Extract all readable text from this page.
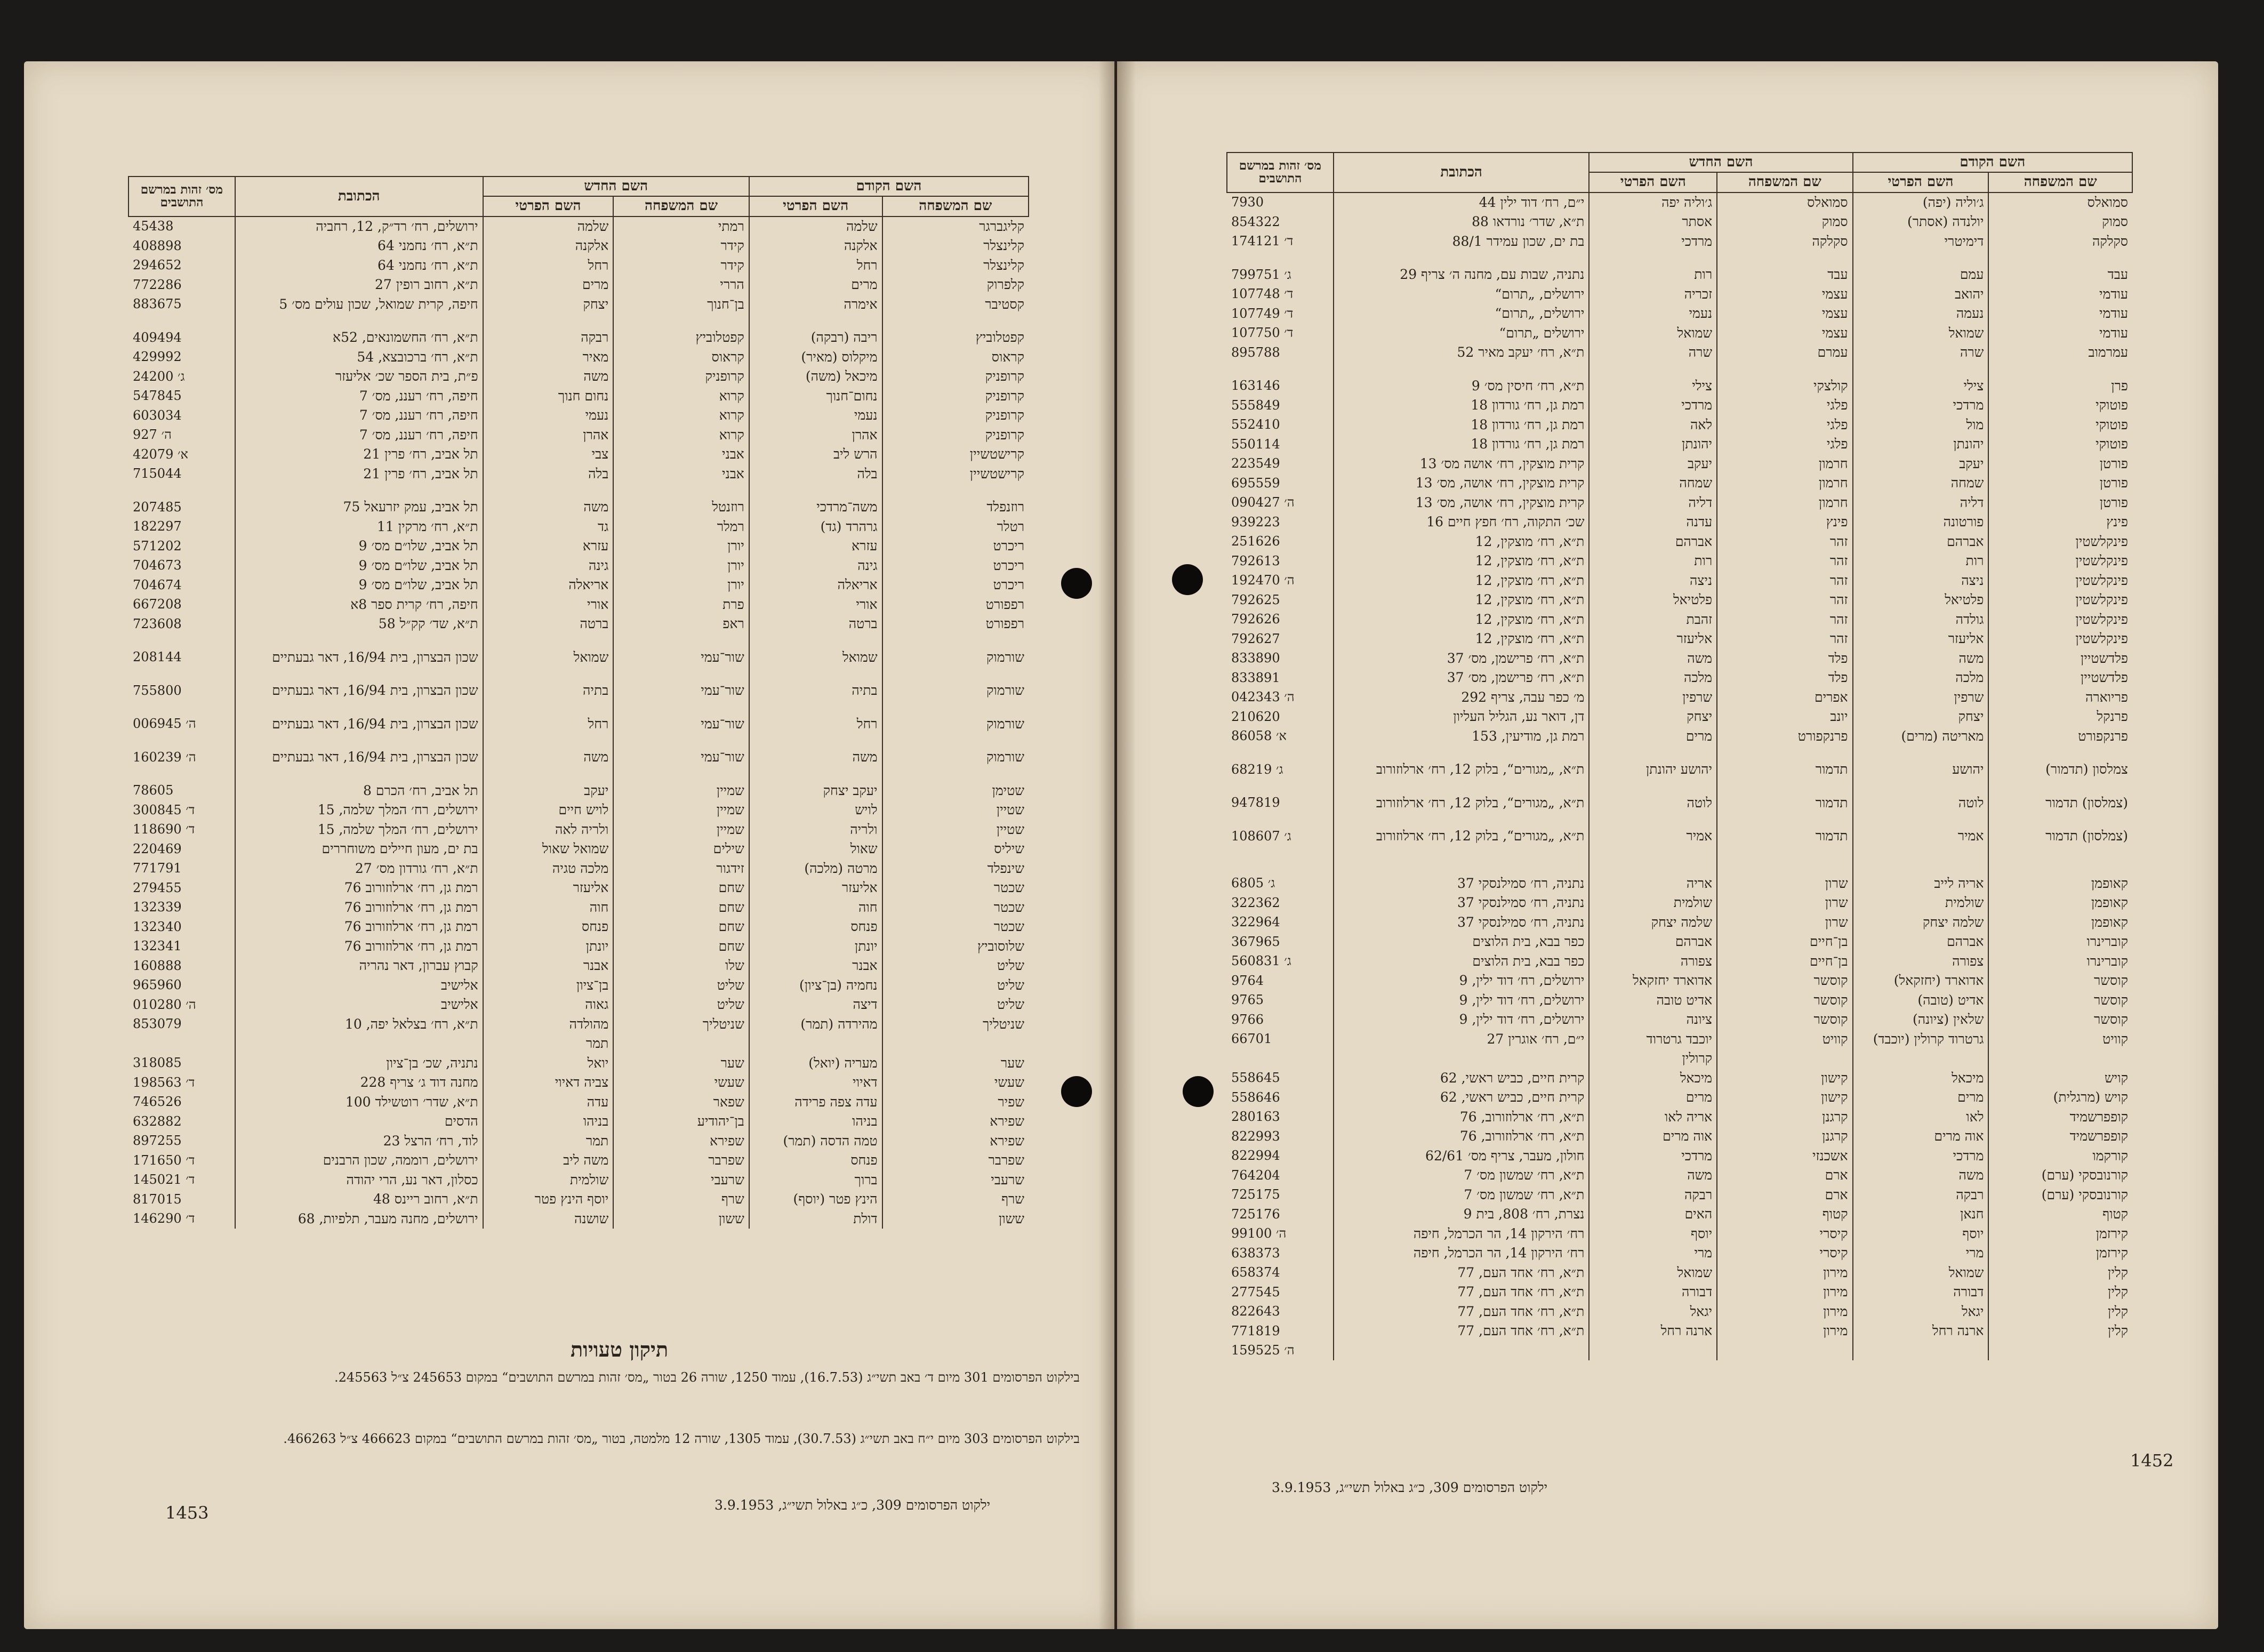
השם הקודם		השם החדש		הכתובת	מס׳ זהות במרשם התושבים
שם המשפחה	השם הפרטי	שם המשפחה	השם הפרטי		
קליגברגר	שלמה	רמתי	שלמה	ירושלים, רח׳ רד״ק, 12, רחביה	45438
קלינצלר	אלקנה	קידר	אלקנה	ת״א, רח׳ נחמני 64	408898
קלינצלר	רחל	קידר	רחל	ת״א, רח׳ נחמני 64	294652
קלפרוק	מרים	הררי	מרים	ת״א, רחוב רופין 27	772286
קסטיבר	אימרה	בן־חנוך	יצחק	חיפה, קרית שמואל, שכון עולים מס׳ 5	883675

קפטלוביץ	ריבה (רבקה)	קפטלוביץ	רבקה	ת״א, רח׳ החשמונאים, 52א	409494
קראוס	מיקלוס (מאיר)	קראוס	מאיר	ת״א, רח׳ ברכובצא, 54	429992
קרופניק	מיכאל (משה)	קרופניק	משה	פ״ת, בית הספר שכ׳ אליעזר	24200 ג׳
קרופניק	נחום־חנוך	קרוא	נחום חנוך	חיפה, רח׳ רעננ, מס׳ 7	547845
קרופניק	נעמי	קרוא	נעמי	חיפה, רח׳ רעננ, מס׳ 7	603034
קרופניק	אהרן	קרוא	אהרן	חיפה, רח׳ רעננ, מס׳ 7	927 ה׳
קרישטשיין	הרש ליב	אבני	צבי	תל אביב, רח׳ פרין 21	42079 א׳
קרישטשיין	בלה	אבני	בלה	תל אביב, רח׳ פרין 21	715044

רוזנפלד	משה־מרדכי	רוזנטל	משה	תל אביב, עמק יזרעאל 75	207485
רטלר	גרהרד (גד)	רמלר	גד	ת״א, רח׳ מרקין 11	182297
ריכרט	עזרא	יורן	עזרא	תל אביב, שלו״ם מס׳ 9	571202
ריכרט	גינה	יורן	גינה	תל אביב, שלו״ם מס׳ 9	704673
ריכרט	אריאלה	יורן	אריאלה	תל אביב, שלו״ם מס׳ 9	704674
רפפורט	אורי	פרת	אורי	חיפה, רח׳ קרית ספר 8א	667208
רפפורט	ברטה	ראפ	ברטה	ת״א, שד׳ קק״ל 58	723608

שורמוק	שמואל	שור־עמי	שמואל	שכון הבצרון, בית 16/94, דאר גבעתיים	208144

שורמוק	בתיה	שור־עמי	בתיה	שכון הבצרון, בית 16/94, דאר גבעתיים	755800

שורמוק	רחל	שור־עמי	רחל	שכון הבצרון, בית 16/94, דאר גבעתיים	006945 ה׳

שורמוק	משה	שור־עמי	משה	שכון הבצרון, בית 16/94, דאר גבעתיים	160239 ה׳

שטימן	יעקב יצחק	שמיין	יעקב	תל אביב, רח׳ הכרם 8	78605
שטיין	לויש	שמיין	לויש חיים	ירושלים, רח׳ המלך שלמה, 15	300845 ד׳
שטיין	ולריה	שמיין	ולריה לאה	ירושלים, רח׳ המלך שלמה, 15	118690 ד׳
שיליס	שאול	שילים	שמואל שאול	בת ים, מעון חיילים משוחררים	220469
שינפלד	מרטה (מלכה)	זידגור	מלכה טגיה	ת״א, רח׳ גורדון מס׳ 27	771791
שכטר	אליעזר	שחם	אליעזר	רמת גן, רח׳ ארלוזורוב 76	279455
שכטר	חוה	שחם	חוה	רמת גן, רח׳ ארלוזורוב 76	132339
שכטר	פנחס	שחם	פנחס	רמת גן, רח׳ ארלוזורוב 76	132340
שלוסוביץ	יונתן	שחם	יונתן	רמת גן, רח׳ ארלוזורוב 76	132341
שליט	אבנר	שלו	אבנר	קבוץ עברון, דאר נהריה	160888
שליט	נחמיה (בן־ציון)	שליט	בן־ציון	אלישיב	965960
שליט	דיצה	שליט	גאוה	אלישיב	010280 ה׳
שניטליך	מהירדה (תמר)	שניטליך	מהולדה	ת״א, רח׳ בצלאל יפה, 10	853079
			תמר		
שער	מעריה (יואל)	שער	יואל	נתניה, שכ׳ בן־ציון	318085
שעשי	דאיוי	שעשי	צביה דאיוי	מחנה דוד ג׳ צריף 228	198563 ד׳
שפיר	עדה צפה פרידה	שפאר	עדה	ת״א, שדר׳ רוטשילד 100	746526
שפירא	בניהו	בן־יהודיע	בניהו	הדסים	632882
שפירא	טמה הדסה (תמר)	שפירא	תמר	לוד, רח׳ הרצל 23	897255
שפרבר	פנחס	שפרבר	משה ליב	ירושלים, רוממה, שכון הרבנים	171650 ד׳
שרעבי	ברוך	שרעבי	שולמית	כסלון, דאר נע, הרי יהודה	145021 ד׳
שרף	הינץ פטר (יוסף)	שרף	יוסף הינץ פטר	ת״א, רחוב ריינס 48	817015
ששון	דולת	ששון	שושנה	ירושלים, מחנה מעבר, תלפיות, 68	146290 ד׳
תיקון טעויות
בילקוט הפרסומים 301 מיום ד׳ באב תשי״ג (16.7.53), עמוד 1250, שורה 26 בטור „מס׳ זהות במרשם התושבים“ במקום 245653 צ״ל 245563.
בילקוט הפרסומים 303 מיום י״ח באב תשי״ג (30.7.53), עמוד 1305, שורה 12 מלמטה, בטור „מס׳ זהות במרשם התושבים“ במקום 466623 צ״ל 466263.
1453	ילקוט הפרסומים 309, כ״ג באלול תשי״ג, 3.9.1953
השם הקודם		השם החדש		הכתובת	מס׳ זהות במרשם התושבים
שם המשפחה	השם הפרטי	שם המשפחה	השם הפרטי		
סמואלס	ג׳וליה (יפה)	סמואלס	ג׳וליה יפה	י״ם, רח׳ דוד ילין 44	7930
סמוק	יולנדה (אסתר)	סמוק	אסתר	ת״א, שדר׳ נורדאו 88	854322
סקלקה	דימיטרי	סקלקה	מרדכי	בת ים, שכון עמידר 88/1	174121 ד׳

עבד	עמם	עבד	רות	נתניה, שבות עם, מחנה ה׳ צריף 29	799751 ג׳
עודמי	יהואב	עצמי	זכריה	ירושלים, „תרום“	107748 ד׳
עודמי	נעמה	עצמי	נעמי	ירושלים, „תרום“	107749 ד׳
עודמי	שמואל	עצמי	שמואל	ירושלים „תרום“	107750 ד׳
עמרמוב	שרה	עמרם	שרה	ת״א, רח׳ יעקב מאיר 52	895788

פרן	צילי	קולצקי	צילי	ת״א, רח׳ חיסין מס׳ 9	163146
פוטוקי	מרדכי	פלגי	מרדכי	רמת גן, רח׳ גורדון 18	555849
פוטוקי	מול	פלגי	לאה	רמת גן, רח׳ גורדון 18	552410
פוטוקי	יהונתן	פלגי	יהונתן	רמת גן, רח׳ גורדון 18	550114
פורטן	יעקב	חרמון	יעקב	קרית מוצקין, רח׳ אושה מס׳ 13	223549
פורטן	שמחה	חרמון	שמחה	קרית מוצקין, רח׳ אושה, מס׳ 13	695559
פורטן	דליה	חרמון	דליה	קרית מוצקין, רח׳ אושה, מס׳ 13	090427 ה׳
פינץ	פורטונה	פינץ	עדנה	שכ׳ התקוה, רח׳ חפץ חיים 16	939223
פינקלשטין	אברהם	זהר	אברהם	ת״א, רח׳ מוצקין, 12	251626
פינקלשטין	רות	זהר	רות	ת״א, רח׳ מוצקין, 12	792613
פינקלשטין	ניצה	זהר	ניצה	ת״א, רח׳ מוצקין, 12	192470 ה׳
פינקלשטין	פלטיאל	זהר	פלטיאל	ת״א, רח׳ מוצקין, 12	792625
פינקלשטין	גולדה	זהר	זהבת	ת״א, רח׳ מוצקין, 12	792626
פינקלשטין	אליעזר	זהר	אליעזר	ת״א, רח׳ מוצקין, 12	792627
פלדשטיין	משה	פלד	משה	ת״א, רח׳ פרישמן, מס׳ 37	833890
פלדשטיין	מלכה	פלד	מלכה	ת״א, רח׳ פרישמן, מס׳ 37	833891
פריוארה	שרפין	אפרים	שרפין	מ׳ כפר עבה, צריף 292	042343 ה׳
פרנקל	יצחק	יונב	יצחק	דן, דואר נע, הגליל העליון	210620
פרנקפורט	מאריטה (מרים)	פרנקפורט	מרים	רמת גן, מודיעין, 153	86058 א׳

צמלסון (תדמור)	יהושע	תדמור	יהושע יהונתן	ת״א, „מגורים“, בלוק 12, רח׳ ארלוזורוב	68219 ג׳

(צמלסון) תדמור	לוטה	תדמור	לוטה	ת״א, „מגורים“, בלוק 12, רח׳ ארלוזורוב	947819

(צמלסון) תדמור	אמיר	תדמור	אמיר	ת״א, „מגורים“, בלוק 12, רח׳ ארלוזורוב	108607 ג׳

קאופמן	אריה לייב	שרון	אריה	נתניה, רח׳ סמילנסקי 37	6805 ג׳
קאופמן	שולמית	שרון	שולמית	נתניה, רח׳ סמילנסקי 37	322362
קאופמן	שלמה יצחק	שרון	שלמה יצחק	נתניה, רח׳ סמילנסקי 37	322964
קוברינרו	אברהם	בן־חיים	אברהם	כפר בבא, בית הלוצים	367965
קוברינרו	צפורה	בן־חיים	צפורה	כפר בבא, בית הלוצים	560831 ג׳
קוסשר	אדוארד (יחזקאל)	קוסשר	אדוארד יחזקאל	ירושלים, רח׳ דוד ילין, 9	9764
קוסשר	אדיט (טובה)	קוסשר	אדיט טובה	ירושלים, רח׳ דוד ילין, 9	9765
קוסשר	שלאין (ציונה)	קוסשר	ציונה	ירושלים, רח׳ דוד ילין, 9	9766
קוויט	גרטרוד קרולין (יוכבד)	קוויט	יוכבד גרטרוד	י״ם, רח׳ אוגרין 27	66701
			קרולין		
קויש	מיכאל	קישון	מיכאל	קרית חיים, כביש ראשי, 62	558645
קויש (מרגלית)	מרים	קישון	מרים	קרית חיים, כביש ראשי, 62	558646
קופפרשמיד	לאו	קרגנן	אריה לאו	ת״א, רח׳ ארלוזורוב, 76	280163
קופפרשמיד	אוה מרים	קרגנן	אוה מרים	ת״א, רח׳ ארלוזורוב, 76	822993
קורקמו	מרדכי	אשכנזי	מרדכי	חולון, מעבר, צריף מס׳ 62/61	822994
קורנובסקי (ערם)	משה	ארם	משה	ת״א, רח׳ שמשון מס׳ 7	764204
קורנובסקי (ערם)	רבקה	ארם	רבקה	ת״א, רח׳ שמשון מס׳ 7	725175
קטוף	חנאן	קטוף	האים	נצרת, רח׳ 808, בית 9	725176
קירזמן	יוסף	קיסרי	יוסף	רח׳ הירקון 14, הר הכרמל, חיפה	99100 ה׳
קירזמן	מרי	קיסרי	מרי	רח׳ הירקון 14, הר הכרמל, חיפה	638373
קלין	שמואל	מירון	שמואל	ת״א, רח׳ אחד העם, 77	658374
קלין	דבורה	מירון	דבורה	ת״א, רח׳ אחד העם, 77	277545
קלין	יגאל	מירון	יגאל	ת״א, רח׳ אחד העם, 77	822643
קלין	ארנה רחל	מירון	ארנה רחל	ת״א, רח׳ אחד העם, 77	771819
					159525 ה׳
ילקוט הפרסומים 309, כ״ג באלול תשי״ג, 3.9.1953
1452
